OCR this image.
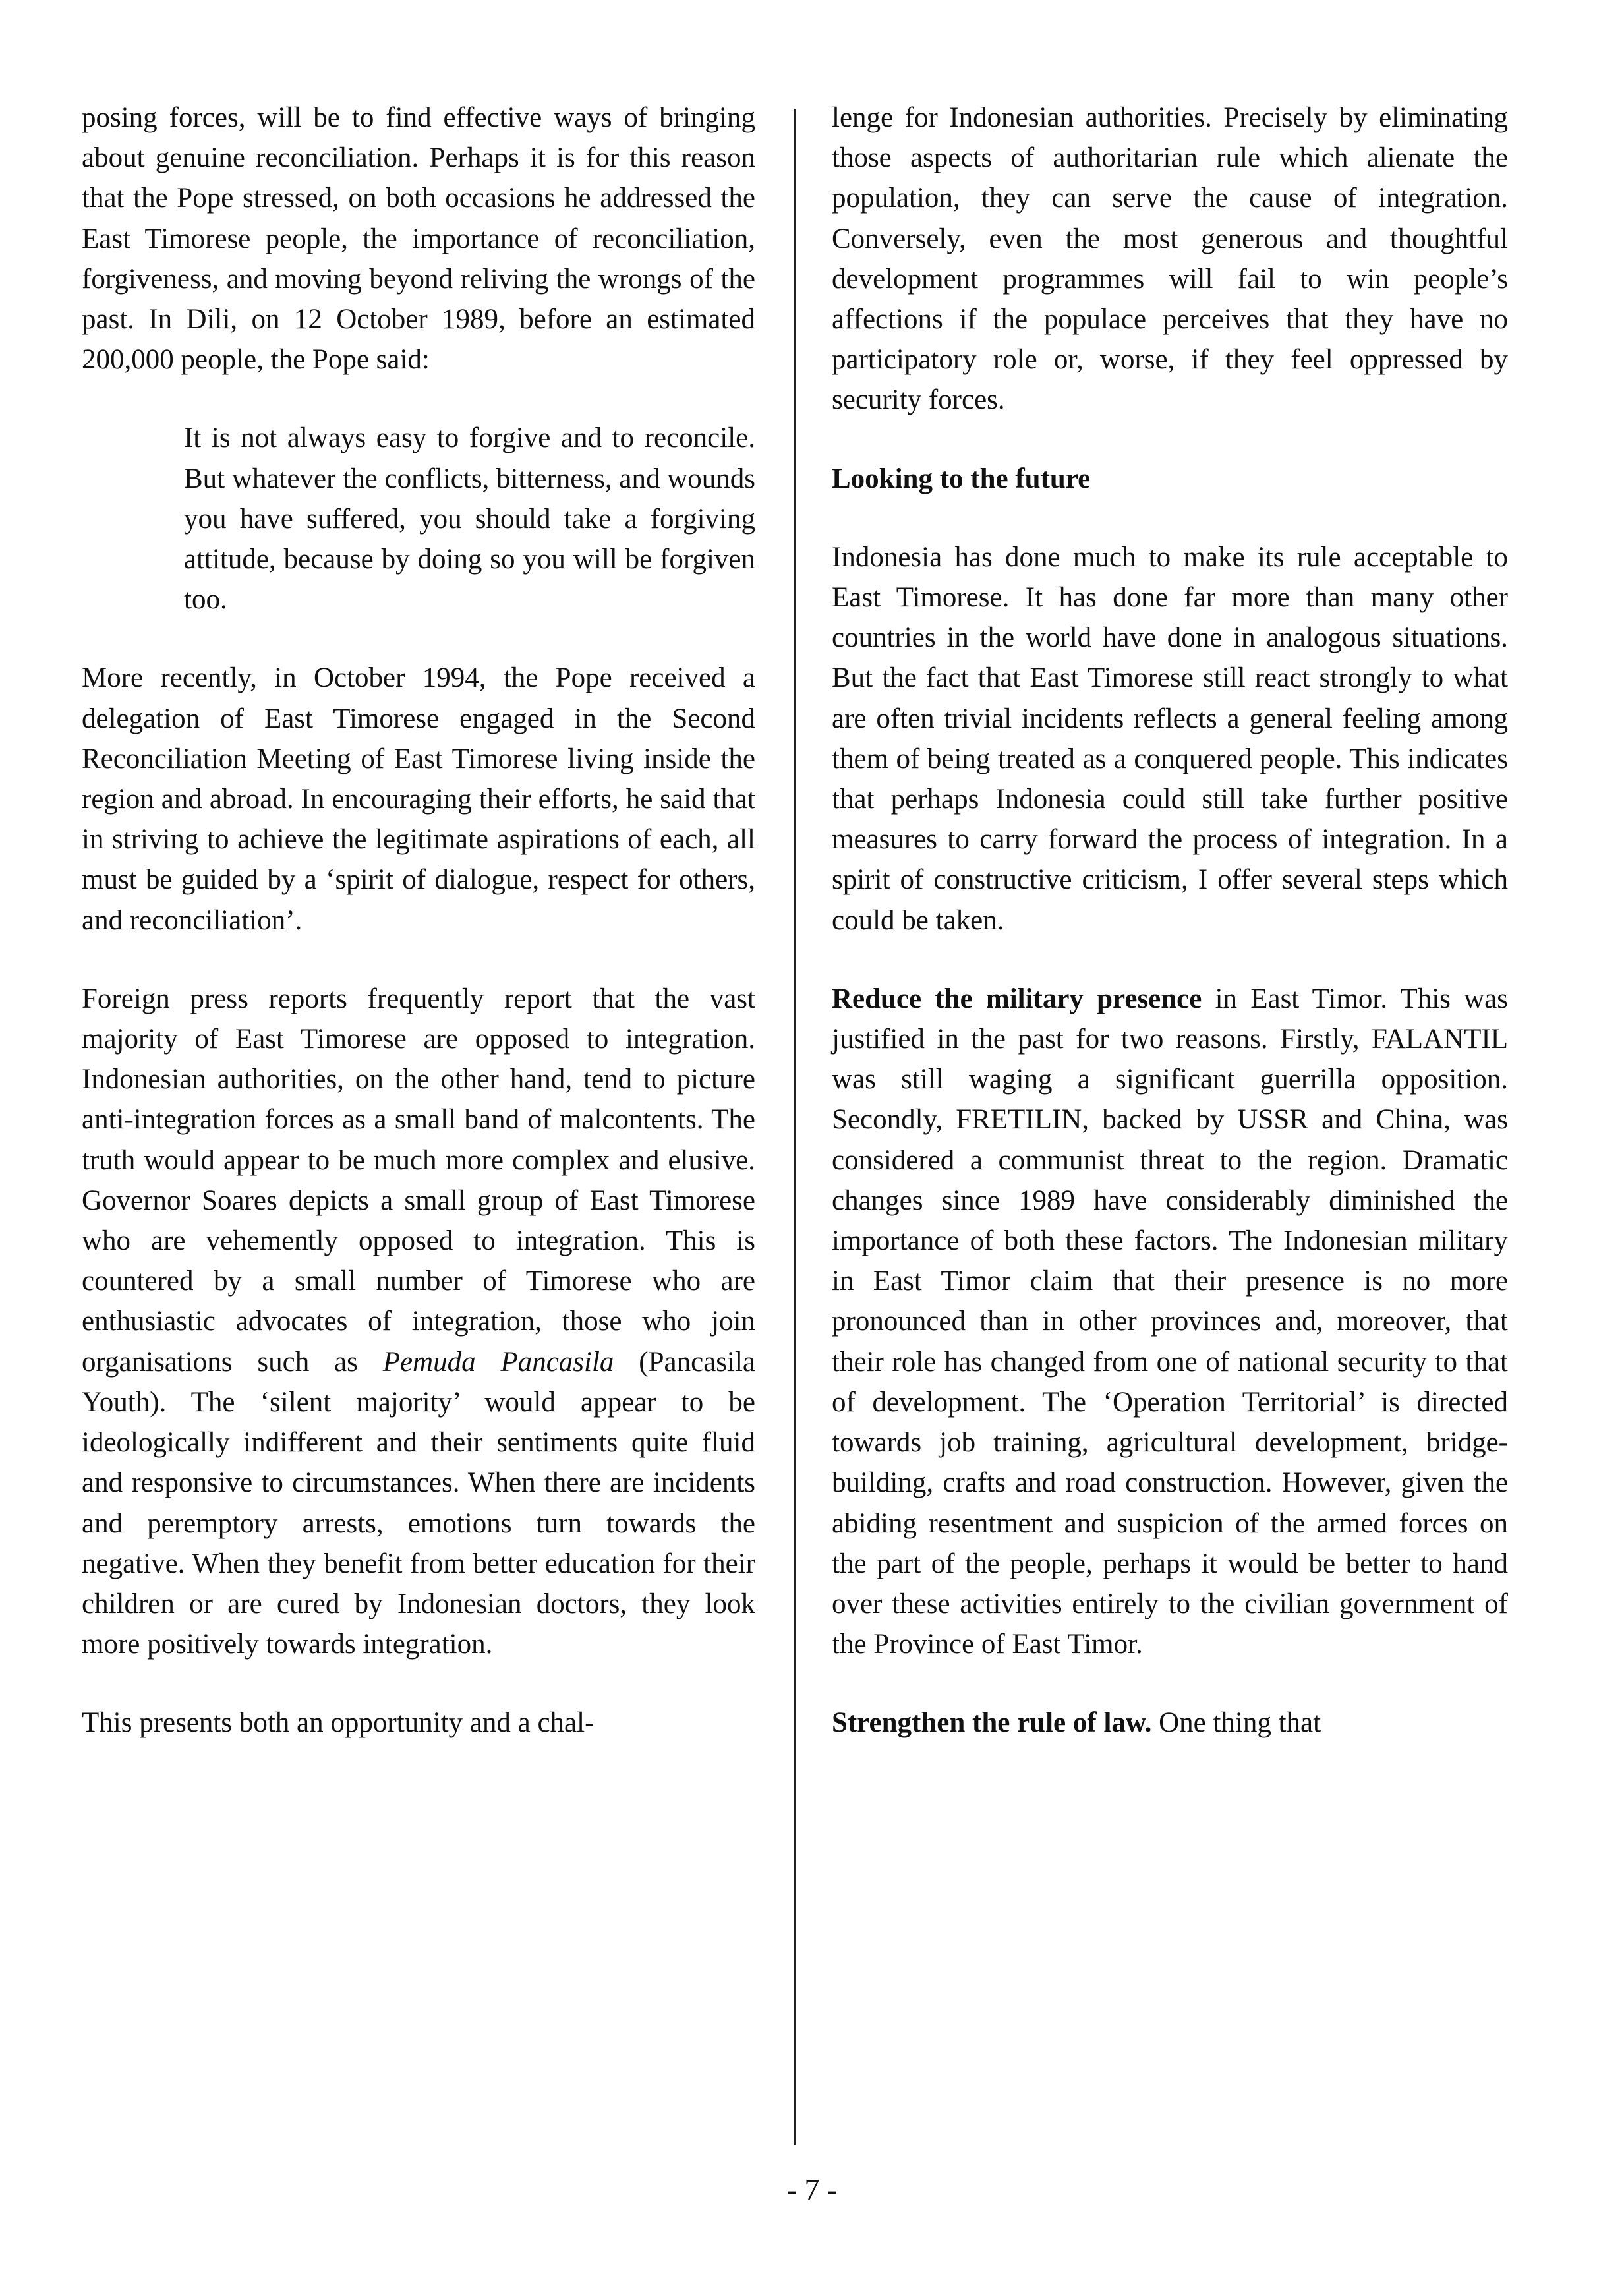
posing forces, will be to find effective ways of bringing about genuine reconciliation. Perhaps it is for this reason that the Pope stressed, on both occasions he addressed the East Timorese people, the importance of reconciliation, forgiveness, and moving beyond reliving the wrongs of the past. In Dili, on 12 October 1989, before an estimated 200,000 people, the Pope said:

It is not always easy to forgive and to reconcile. But whatever the conflicts, bitterness, and wounds you have suffered, you should take a forgiving attitude, because by doing so you will be forgiven too.

More recently, in October 1994, the Pope received a delegation of East Timorese engaged in the Second Reconciliation Meeting of East Timorese living inside the region and abroad. In encouraging their efforts, he said that in striving to achieve the legitimate aspirations of each, all must be guided by a ‘spirit of dialogue, respect for others, and reconciliation’.

Foreign press reports frequently report that the vast majority of East Timorese are opposed to integration. Indonesian authorities, on the other hand, tend to picture anti-integration forces as a small band of malcontents. The truth would appear to be much more complex and elusive. Governor Soares depicts a small group of East Timorese who are vehemently opposed to integration. This is countered by a small number of Timorese who are enthusiastic advocates of integration, those who join organisations such as Pemuda Pancasila (Pancasila Youth). The ‘silent majority’ would appear to be ideologically indifferent and their sentiments quite fluid and responsive to circumstances. When there are incidents and peremptory arrests, emotions turn towards the negative. When they benefit from better education for their children or are cured by Indonesian doctors, they look more positively towards integration.

This presents both an opportunity and a chal-

lenge for Indonesian authorities. Precisely by eliminating those aspects of authoritarian rule which alienate the population, they can serve the cause of integration. Conversely, even the most generous and thoughtful development programmes will fail to win people’s affections if the populace perceives that they have no participatory role or, worse, if they feel oppressed by security forces.

Looking to the future

Indonesia has done much to make its rule acceptable to East Timorese. It has done far more than many other countries in the world have done in analogous situations. But the fact that East Timorese still react strongly to what are often trivial incidents reflects a general feeling among them of being treated as a conquered people. This indicates that perhaps Indonesia could still take further positive measures to carry forward the process of integration. In a spirit of constructive criticism, I offer several steps which could be taken.

Reduce the military presence in East Timor. This was justified in the past for two reasons. Firstly, FALANTIL was still waging a significant guerrilla opposition. Secondly, FRETILIN, backed by USSR and China, was considered a communist threat to the region. Dramatic changes since 1989 have considerably diminished the importance of both these factors. The Indonesian military in East Timor claim that their presence is no more pronounced than in other provinces and, moreover, that their role has changed from one of national security to that of development. The ‘Operation Territorial’ is directed towards job training, agricultural development, bridge-building, crafts and road construction. However, given the abiding resentment and suspicion of the armed forces on the part of the people, perhaps it would be better to hand over these activities entirely to the civilian government of the Province of East Timor.

Strengthen the rule of law. One thing that

- 7 -
